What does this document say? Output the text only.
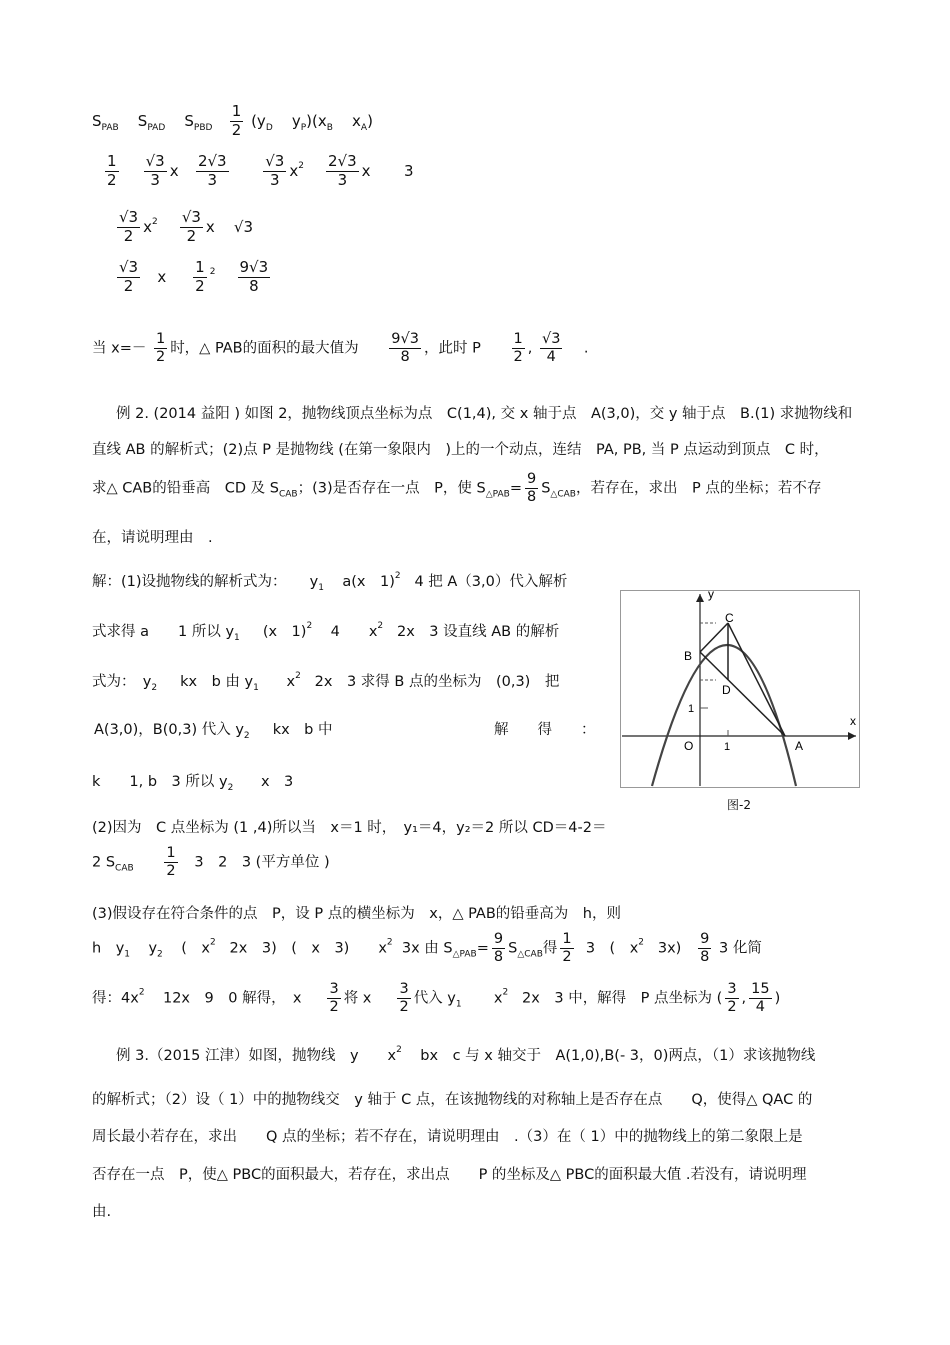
$S_{PAB}$ $S_{PAD}$ $S_{PBD} \frac{1}{2} (y_D$ $y_P)(x_B$ $x_A$)
$\frac{1}{2}$
$\frac{√3}{3}$ x $\frac{2√3}{3}$
$\frac{√3}{3} x^2 \frac{2√3}{3}$ x 3
$\frac{√3}{2} x^2 \frac{√3}{2}$ x √3
$\frac{√3}{2}$ x $\frac{1}{2} ^2 \frac{9√3}{8}$
当 $x=- \frac{1}{2}$ 时，△ PAB的面积的最大值为 $\frac{9√3}{8}$ ，此时 P $\frac{1}{2}$ , $\frac{√3}{4}$ .
例 2. (2014 益阳 ) 如图 2，抛物线顶点坐标为点　C(1,4), 交 x 轴于点　A(3,0)，交 y 轴于点　B.(1) 求抛物线和
直线 AB 的解析式；(2)点 P 是抛物线 (在第一象限内　)上的一个动点，连结　PA, PB, 当 P 点运动到顶点　C 时，
求△ CAB的铅垂高　CD 及 $S_{CAB}$；(3)是否存在一点　P，使 $S_{\triangle PAB}= \frac{9}{8} S_{\triangle CAB}$，若存在，求出　P 点的坐标；若不存
在，请说明理由　.
解：(1)设抛物线的解析式为： $y_1$ a(x　1)$^2$ 4 把 A（3,0）代入解析
式求得 a　　1 所以 $y_1$ (x　1)$^2$ 4　　$x^2$ 2x　3 设直线 AB 的解析
式为：　$y_2$ kx　b 由 $y_1$ $x^2$ 2x　3 求得 B 点的坐标为　(0,3)　把
A(3,0)，B(0,3) 代入 $y_2$ kx　b 中	解　　得　　：
k　　1, b　3 所以 $y_2$ x　3
(2)因为　C 点坐标为 (1 ,4)所以当　x＝1 时，　y₁＝4，y₂＝2 所以 CD＝4-2＝
2 $S_{CAB} \frac{1}{2} 3$　2　3 (平方单位 )
(3)假设存在符合条件的点　P，设 P 点的横坐标为　x，△ PAB的铅垂高为　h，则
h　$y_1$ $y_2$ (　$x^2$ 2x　3)　(　x　3)　　$x^2$ 3x 由 $S_{\triangle PAB}= \frac{9}{8} S_{\triangle CAB}$得 $\frac{1}{2} 3$　(　$x^2$ $3x) \frac{9}{8} 3$ 化简
得：$4x^2$ 12x　9　0 解得，　x $\frac{3}{2}$ 将 x $\frac{3}{2}$ 代入 $y_1$ $x^2$ 2x　3 中，解得　P 点坐标为 ( $\frac{3}{2}$ , $\frac{15}{4}$ )
y
x
C
B
D
O	A
1
1
图-2
例 3.（2015 江津）如图，抛物线　y　　$x^2$ bx　c 与 x 轴交于　A(1,0),B(- 3，0)两点，（1）求该抛物线
的解析式；（2）设（ 1）中的抛物线交　y 轴于 C 点，在该抛物线的对称轴上是否存在点　　Q，使得△ QAC 的
周长最小若存在，求出　　Q 点的坐标；若不存在，请说明理由　.（3）在（ 1）中的抛物线上的第二象限上是
否存在一点　P，使△ PBC的面积最大，若存在，求出点　　P 的坐标及△ PBC的面积最大值 .若没有，请说明理
由.
